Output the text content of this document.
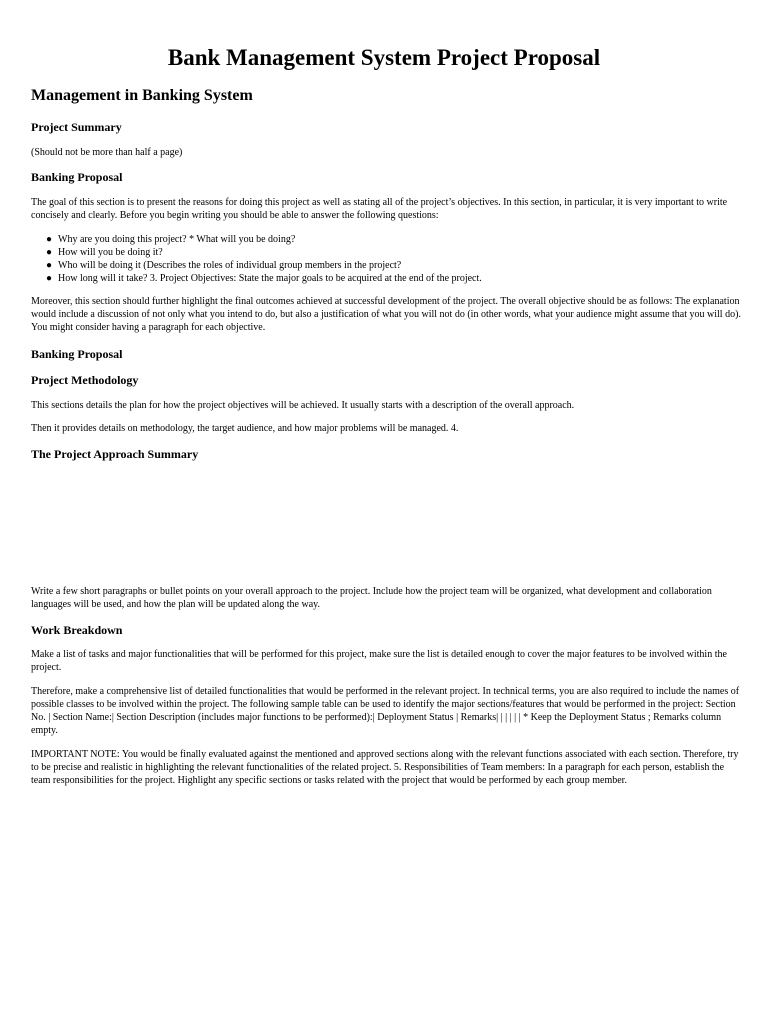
Bank Management System Project Proposal
Management in Banking System
Project Summary

(Should not be more than half a page)

Banking Proposal

The goal of this section is to present the reasons for doing this project as well as stating all of the project’s objectives. In this section, in particular, it is very important to write concisely and clearly. Before you begin writing you should be able to answer the following questions:

● Why are you doing this project? * What will you be doing?
● How will you be doing it?
● Who will be doing it (Describes the roles of individual group members in the project?
● How long will it take? 3. Project Objectives: State the major goals to be acquired at the end of the project.

Moreover, this section should further highlight the final outcomes achieved at successful development of the project. The overall objective should be as follows: The explanation would include a discussion of not only what you intend to do, but also a justification of what you will not do (in other words, what your audience might assume that you will do). You might consider having a paragraph for each objective.

Banking Proposal
Project Methodology

This sections details the plan for how the project objectives will be achieved. It usually starts with a description of the overall approach.

Then it provides details on methodology, the target audience, and how major problems will be managed. 4.

The Project Approach Summary

Write a few short paragraphs or bullet points on your overall approach to the project. Include how the project team will be organized, what development and collaboration languages will be used, and how the plan will be updated along the way.

Work Breakdown

Make a list of tasks and major functionalities that will be performed for this project, make sure the list is detailed enough to cover the major features to be involved within the project.

Therefore, make a comprehensive list of detailed functionalities that would be performed in the relevant project. In technical terms, you are also required to include the names of possible classes to be involved within the project. The following sample table can be used to identify the major sections/features that would be performed in the project: Section No. | Section Name:| Section Description (includes major functions to be performed):| Deployment Status | Remarks| | | | | | * Keep the Deployment Status ; Remarks column empty.

IMPORTANT NOTE: You would be finally evaluated against the mentioned and approved sections along with the relevant functions associated with each section. Therefore, try to be precise and realistic in highlighting the relevant functionalities of the related project. 5. Responsibilities of Team members: In a paragraph for each person, establish the team responsibilities for the project. Highlight any specific sections or tasks related with the project that would be performed by each group member.
